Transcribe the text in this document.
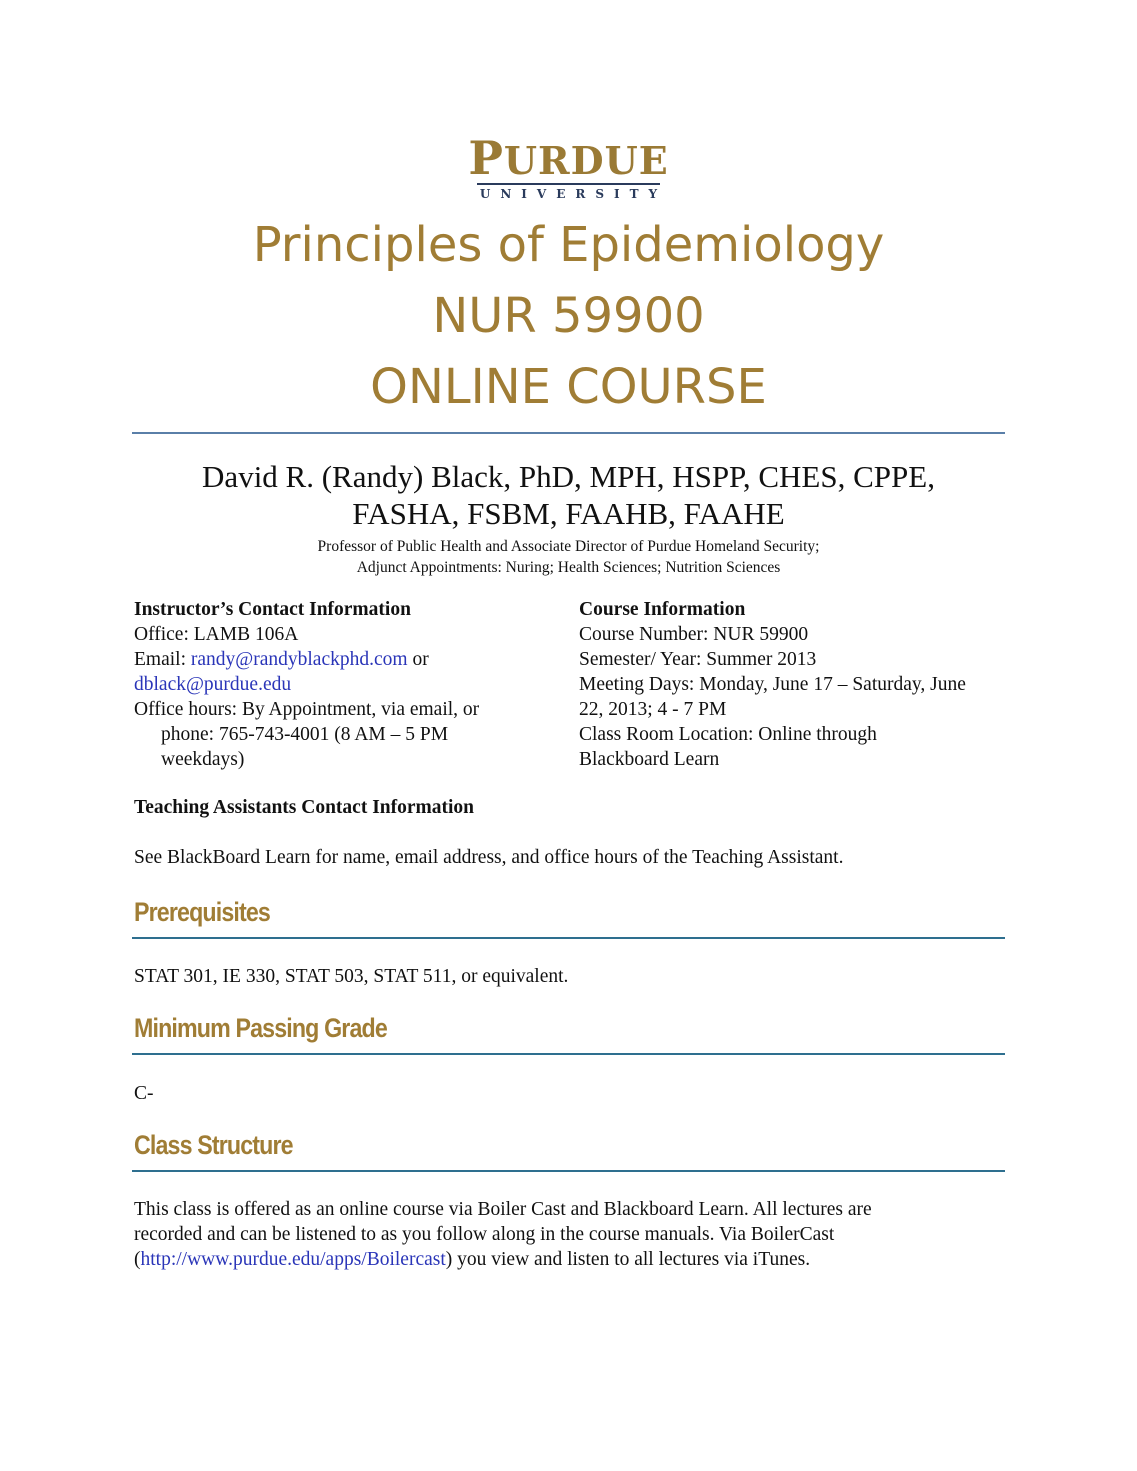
PURDUE
UNIVERSITY
Principles of Epidemiology
NUR 59900
ONLINE COURSE
David R. (Randy) Black, PhD, MPH, HSPP, CHES, CPPE,
FASHA, FSBM, FAAHB, FAAHE
Professor of Public Health and Associate Director of Purdue Homeland Security;
Adjunct Appointments: Nuring; Health Sciences; Nutrition Sciences
Instructor’s Contact Information
Office: LAMB 106A
Email: randy@randyblackphd.com or
dblack@purdue.edu
Office hours: By Appointment, via email, or
phone: 765-743-4001 (8 AM – 5 PM
weekdays)
Course Information
Course Number: NUR 59900
Semester/ Year: Summer 2013
Meeting Days: Monday, June 17 – Saturday, June
22, 2013; 4 - 7 PM
Class Room Location: Online through
Blackboard Learn
Teaching Assistants Contact Information
See BlackBoard Learn for name, email address, and office hours of the Teaching Assistant.
Prerequisites
STAT 301, IE 330, STAT 503, STAT 511, or equivalent.
Minimum Passing Grade
C-
Class Structure
This class is offered as an online course via Boiler Cast and Blackboard Learn. All lectures are
recorded and can be listened to as you follow along in the course manuals. Via BoilerCast
(http://www.purdue.edu/apps/Boilercast) you view and listen to all lectures via iTunes.
